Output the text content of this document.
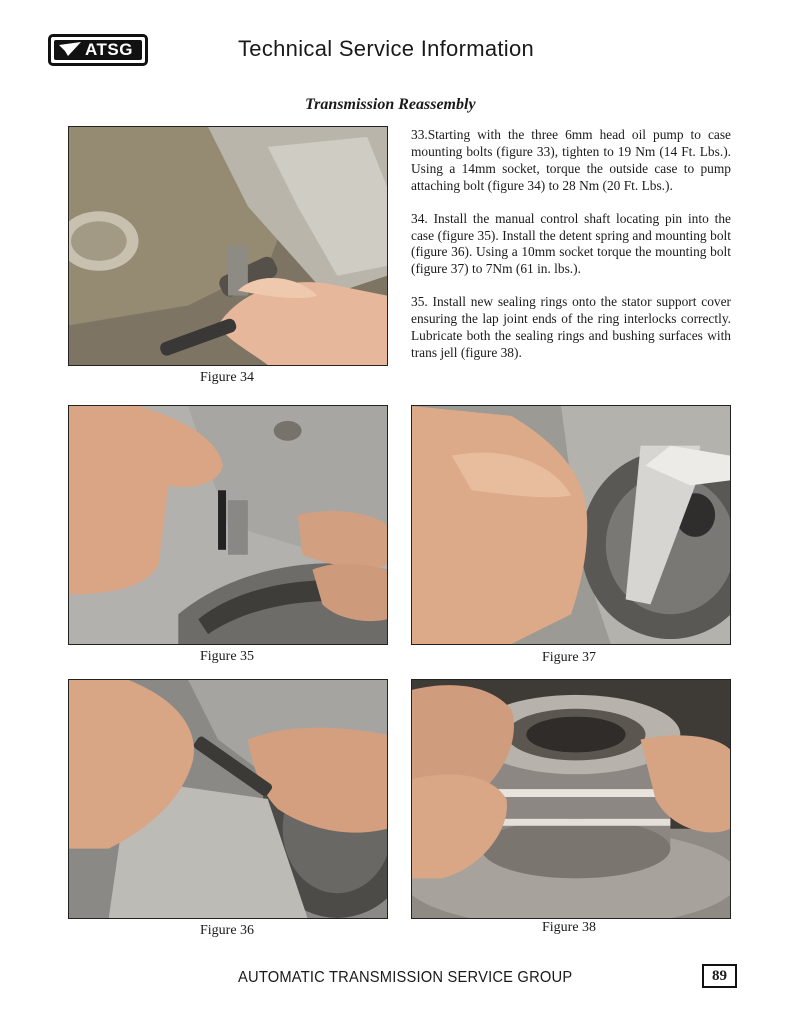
ATSG	Technical Service Information
Transmission Reassembly

33.Starting with the three 6mm head oil pump to case mounting bolts (figure 33), tighten to 19 Nm (14 Ft. Lbs.). Using a 14mm socket, torque the outside case to pump attaching bolt (figure 34) to 28 Nm (20 Ft. Lbs.).

34. Install the manual control shaft locating pin into the case (figure 35). Install the detent spring and mounting bolt (figure 36). Using a 10mm socket torque the mounting bolt (figure 37) to 7Nm (61 in. lbs.).

35. Install new sealing rings onto the stator support cover ensuring the lap joint ends of the ring interlocks correctly. Lubricate both the sealing rings and bushing surfaces with trans jell (figure 38).

Figure 34
Figure 35	Figure 37
Figure 36	Figure 38
AUTOMATIC TRANSMISSION SERVICE GROUP	89
